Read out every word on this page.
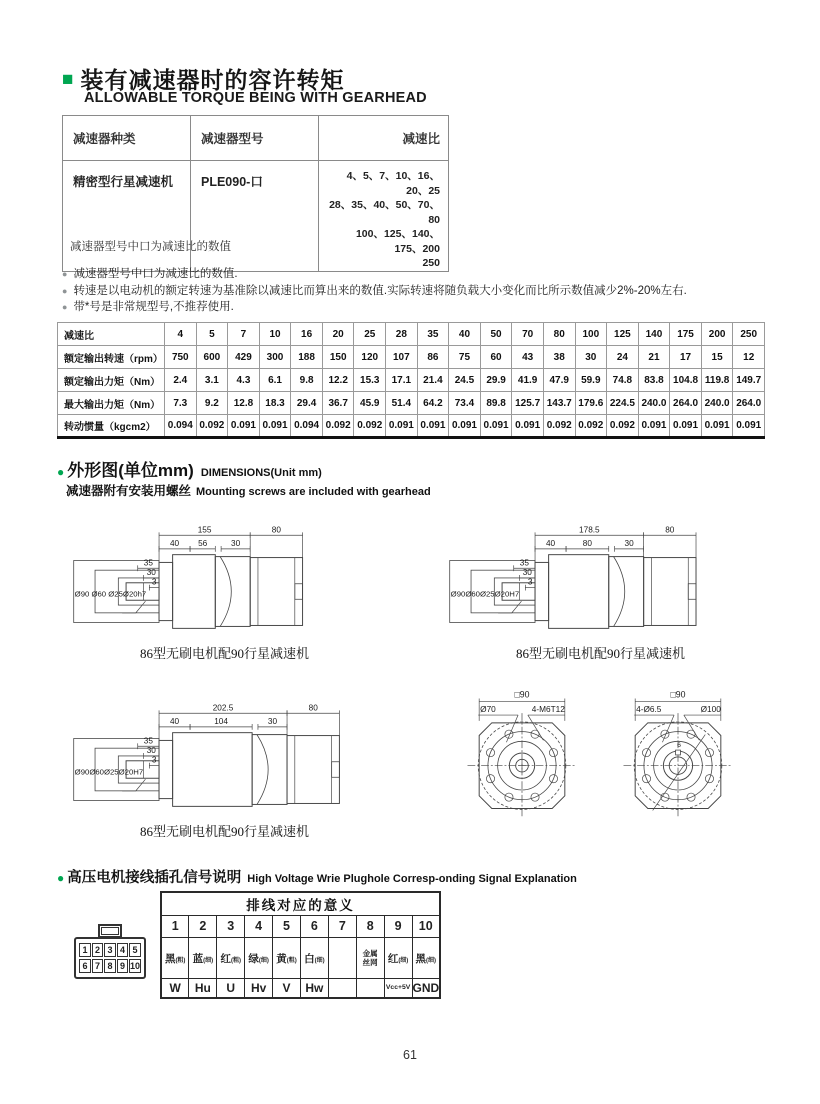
■ 装有减速器时的容许转矩
ALLOWABLE TORQUE BEING WITH GEARHEAD
减速器种类	减速器型号	减速比
精密型行星减速机	PLE090-口	4、5、7、10、16、20、25
28、35、40、50、70、80
100、125、140、175、200
250
减速器型号中口为减速比的数值
● 减速器型号中口为减速比的数值.
● 转速是以电动机的额定转速为基准除以减速比而算出来的数值.实际转速将随负载大小变化而比所示数值减少2%-20%左右.
● 带*号是非常规型号,不推荐使用.
减速比	4	5	7	10	16	20	25	28	35	40	50	70	80	100	125	140	175	200	250
额定输出转速（rpm）	750	600	429	300	188	150	120	107	86	75	60	43	38	30	24	21	17	15	12
额定输出力矩（Nm）	2.4	3.1	4.3	6.1	9.8	12.2	15.3	17.1	21.4	24.5	29.9	41.9	47.9	59.9	74.8	83.8	104.8	119.8	149.7
最大输出力矩（Nm）	7.3	9.2	12.8	18.3	29.4	36.7	45.9	51.4	64.2	73.4	89.8	125.7	143.7	179.6	224.5	240.0	264.0	240.0	264.0
转动惯量（kgcm2）	0.094	0.092	0.091	0.091	0.094	0.092	0.092	0.091	0.091	0.091	0.091	0.091	0.092	0.092	0.092	0.091	0.091	0.091	0.091
● 外形图(单位mm) DIMENSIONS(Unit mm)
减速器附有安装用螺丝 Mounting screws are included with gearhead
Ø90 Ø60 Ø25Ø20h7
155	80
40 56	30
35
30
3
Ø90Ø60Ø25Ø20H7
178.5	80
40	80	30
35
30
3
Ø90Ø60Ø25Ø20H7
202.5	80
40	104	30
35
30
3
86型无刷电机配90行星减速机	86型无刷电机配90行星减速机
86型无刷电机配90行星减速机
□90
Ø70	4-M6T12
□90
4-Ø6.5	Ø100
6
● 高压电机接线插孔信号说明 High Voltage Wrie Plughole Corresp-onding Signal Explanation
1 2 3 4 5
6 7 8 9 10
排线对应的意义									
1	2	3	4	5	6	7	8	9	10
黑(粗)	蓝(细)	红(粗)	绿(细)	黄(粗)	白(细)		金属丝网	红(细)	黑(细)
W	Hu	U	Hv	V	Hw			Vcc+5V	GND
61
